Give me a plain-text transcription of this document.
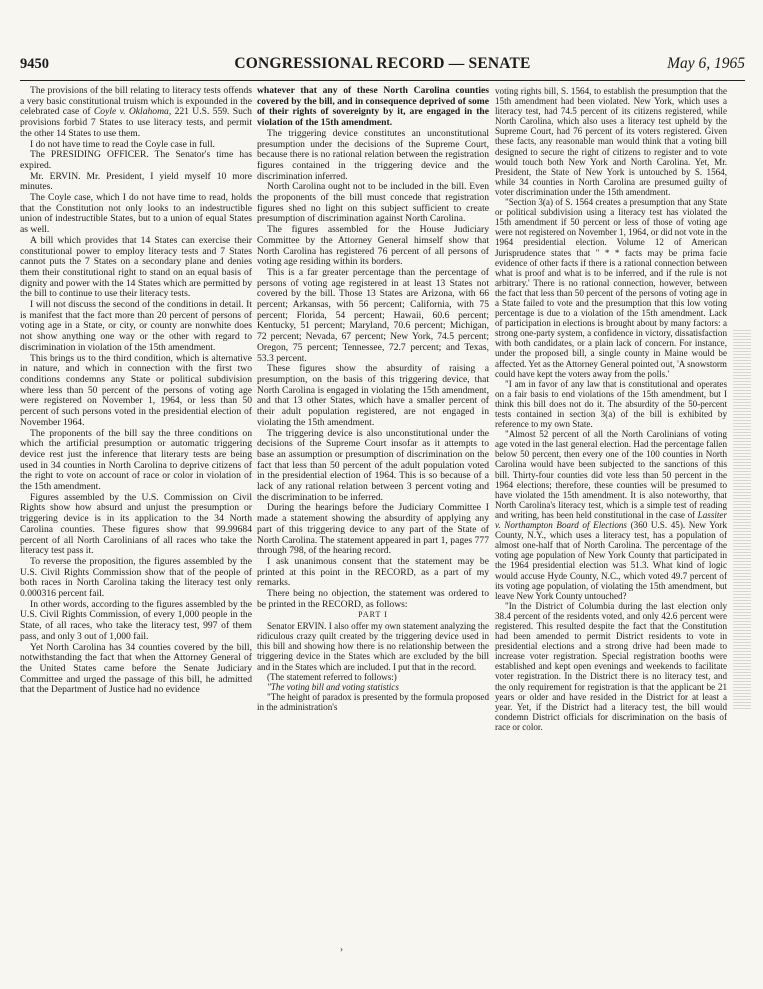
9450	CONGRESSIONAL RECORD — SENATE	May 6, 1965

The provisions of the bill relating to literacy tests offends a very basic constitutional truism which is expounded in the celebrated case of Coyle v. Oklahoma, 221 U.S. 559. Such provisions forbid 7 States to use literacy tests, and permit the other 14 States to use them.

I do not have time to read the Coyle case in full.

The PRESIDING OFFICER. The Senator's time has expired.

Mr. ERVIN. Mr. President, I yield myself 10 more minutes.

The Coyle case, which I do not have time to read, holds that the Constitution not only looks to an indestructible union of indestructible States, but to a union of equal States as well.

A bill which provides that 14 States can exercise their constitutional power to employ literacy tests and 7 States cannot puts the 7 States on a secondary plane and denies them their constitutional right to stand on an equal basis of dignity and power with the 14 States which are permitted by the bill to continue to use their literacy tests.

I will not discuss the second of the conditions in detail. It is manifest that the fact more than 20 percent of persons of voting age in a State, or city, or county are nonwhite does not show anything one way or the other with regard to discrimination in violation of the 15th amendment.

This brings us to the third condition, which is alternative in nature, and which in connection with the first two conditions condemns any State or political subdivision where less than 50 percent of the persons of voting age were registered on November 1, 1964, or less than 50 percent of such persons voted in the presidential election of November 1964.

The proponents of the bill say the three conditions on which the artificial presumption or automatic triggering device rest just the inference that literary tests are being used in 34 counties in North Carolina to deprive citizens of the right to vote on account of race or color in violation of the 15th amendment.

Figures assembled by the U.S. Commission on Civil Rights show how absurd and unjust the presumption or triggering device is in its application to the 34 North Carolina counties. These figures show that 99.99684 percent of all North Carolinians of all races who take the literacy test pass it.

To reverse the proposition, the figures assembled by the U.S. Civil Rights Commission show that of the people of both races in North Carolina taking the literacy test only 0.000316 percent fail.

In other words, according to the figures assembled by the U.S. Civil Rights Commission, of every 1,000 people in the State, of all races, who take the literacy test, 997 of them pass, and only 3 out of 1,000 fail.

Yet North Carolina has 34 counties covered by the bill, notwithstanding the fact that when the Attorney General of the United States came before the Senate Judiciary Committee and urged the passage of this bill, he admitted that the Department of Justice had no evidence

whatever that any of these North Carolina counties covered by the bill, and in consequence deprived of some of their rights of sovereignty by it, are engaged in the violation of the 15th amendment.

The triggering device constitutes an unconstitutional presumption under the decisions of the Supreme Court, because there is no rational relation between the registration figures contained in the triggering device and the discrimination inferred.

North Carolina ought not to be included in the bill. Even the proponents of the bill must concede that registration figures shed no light on this subject sufficient to create presumption of discrimination against North Carolina.

The figures assembled for the House Judiciary Committee by the Attorney General himself show that North Carolina has registered 76 percent of all persons of voting age residing within its borders.

This is a far greater percentage than the percentage of persons of voting age registered in at least 13 States not covered by the bill. Those 13 States are Arizona, with 66 percent; Arkansas, with 56 percent; California, with 75 percent; Florida, 54 percent; Hawaii, 60.6 percent; Kentucky, 51 percent; Maryland, 70.6 percent; Michigan, 72 percent; Nevada, 67 percent; New York, 74.5 percent; Oregon, 75 percent; Tennessee, 72.7 percent; and Texas, 53.3 percent.

These figures show the absurdity of raising a presumption, on the basis of this triggering device, that North Carolina is engaged in violating the 15th amendment, and that 13 other States, which have a smaller percent of their adult population registered, are not engaged in violating the 15th amendment.

The triggering device is also unconstitutional under the decisions of the Supreme Court insofar as it attempts to base an assumption or presumption of discrimination on the fact that less than 50 percent of the adult population voted in the presidential election of 1964. This is so because of a lack of any rational relation between 3 percent voting and the discrimination to be inferred.

During the hearings before the Judiciary Committee I made a statement showing the absurdity of applying any part of this triggering device to any part of the State of North Carolina. The statement appeared in part 1, pages 777 through 798, of the hearing record.

I ask unanimous consent that the statement may be printed at this point in the RECORD, as a part of my remarks.

There being no objection, the statement was ordered to be printed in the RECORD, as follows:

PART I

Senator ERVIN. I also offer my own statement analyzing the ridiculous crazy quilt created by the triggering device used in this bill and showing how there is no relationship between the triggering device in the States which are excluded by the bill and in the States which are included. I put that in the record.

(The statement referred to follows:)

"The voting bill and voting statistics

"The height of paradox is presented by the formula proposed in the administration's

voting rights bill, S. 1564, to establish the presumption that the 15th amendment had been violated. New York, which uses a literacy test, had 74.5 percent of its citizens registered, while North Carolina, which also uses a literacy test upheld by the Supreme Court, had 76 percent of its voters registered. Given these facts, any reasonable man would think that a voting bill designed to secure the right of citizens to register and to vote would touch both New York and North Carolina. Yet, Mr. President, the State of New York is untouched by S. 1564, while 34 counties in North Carolina are presumed guilty of voter discrimination under the 15th amendment.

"Section 3(a) of S. 1564 creates a presumption that any State or political subdivision using a literacy test has violated the 15th amendment if 50 percent or less of those of voting age were not registered on November 1, 1964, or did not vote in the 1964 presidential election. Volume 12 of American Jurisprudence states that " * * facts may be prima facie evidence of other facts if there is a rational connection between what is proof and what is to be inferred, and if the rule is not arbitrary.' There is no rational connection, however, between the fact that less than 50 percent of the persons of voting age in a State failed to vote and the presumption that this low voting percentage is due to a violation of the 15th amendment. Lack of participation in elections is brought about by many factors: a strong one-party system, a confidence in victory, dissatisfaction with both candidates, or a plain lack of concern. For instance, under the proposed bill, a single county in Maine would be affected. Yet as the Attorney General pointed out, 'A snowstorm could have kept the voters away from the polls.'

"I am in favor of any law that is constitutional and operates on a fair basis to end violations of the 15th amendment, but I think this bill does not do it. The absurdity of the 50-percent tests contained in section 3(a) of the bill is exhibited by reference to my own State.

"Almost 52 percent of all the North Carolinians of voting age voted in the last general election. Had the percentage fallen below 50 percent, then every one of the 100 counties in North Carolina would have been subjected to the sanctions of this bill. Thirty-four counties did vote less than 50 percent in the 1964 elections; therefore, these counties will be presumed to have violated the 15th amendment. It is also noteworthy, that North Carolina's literacy test, which is a simple test of reading and writing, has been held constitutional in the case of Lassiter v. Northampton Board of Elections (360 U.S. 45). New York County, N.Y., which uses a literacy test, has a population of almost one-half that of North Carolina. The percentage of the voting age population of New York County that participated in the 1964 presidential election was 51.3. What kind of logic would accuse Hyde County, N.C., which voted 49.7 percent of its voting age population, of violating the 15th amendment, but leave New York County untouched?

"In the District of Columbia during the last election only 38.4 percent of the residents voted, and only 42.6 percent were registered. This resulted despite the fact that the Constitution had been amended to permit District residents to vote in presidential elections and a strong drive had been made to increase voter registration. Special registration booths were established and kept open evenings and weekends to facilitate voter registration. In the District there is no literacy test, and the only requirement for registration is that the applicant be 21 years or older and have resided in the District for at least a year. Yet, if the District had a literacy test, the bill would condemn District officials for discrimination on the basis of race or color.

›
